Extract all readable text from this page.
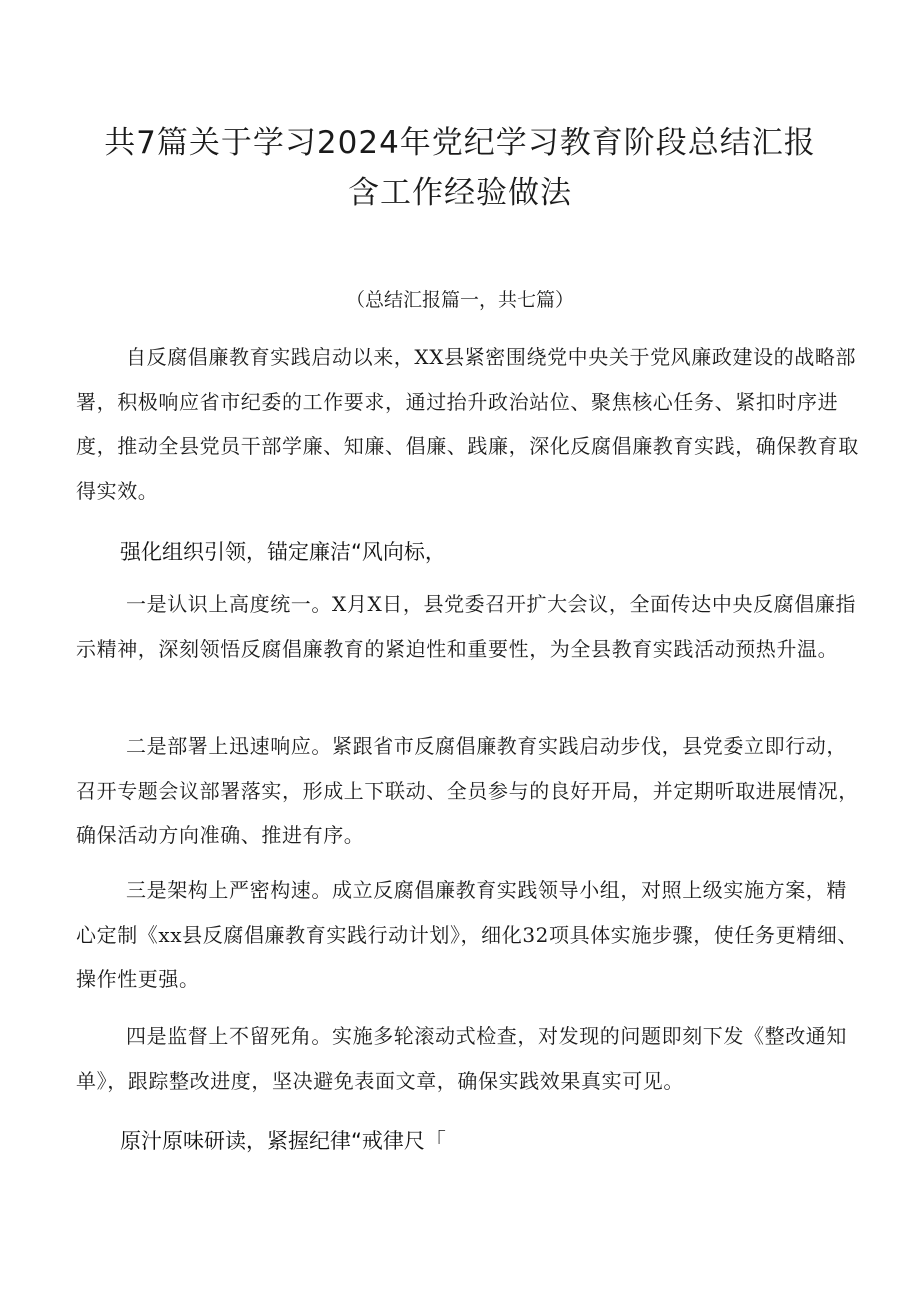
共7篇关于学习2024年党纪学习教育阶段总结汇报
含工作经验做法
（总结汇报篇一，共七篇）

自反腐倡廉教育实践启动以来，XX县紧密围绕党中央关于党风廉政建设的战略部署，积极响应省市纪委的工作要求，通过抬升政治站位、聚焦核心任务、紧扣时序进度，推动全县党员干部学廉、知廉、倡廉、践廉，深化反腐倡廉教育实践，确保教育取得实效。

强化组织引领，锚定廉洁“风向标，

一是认识上高度统一。X月X日，县党委召开扩大会议，全面传达中央反腐倡廉指示精神，深刻领悟反腐倡廉教育的紧迫性和重要性，为全县教育实践活动预热升温。

二是部署上迅速响应。紧跟省市反腐倡廉教育实践启动步伐，县党委立即行动，召开专题会议部署落实，形成上下联动、全员参与的良好开局，并定期听取进展情况，确保活动方向准确、推进有序。

三是架构上严密构速。成立反腐倡廉教育实践领导小组，对照上级实施方案，精心定制《xx县反腐倡廉教育实践行动计划》，细化32项具体实施步骤，使任务更精细、操作性更强。

四是监督上不留死角。实施多轮滚动式检查，对发现的问题即刻下发《整改通知单》，跟踪整改进度，坚决避免表面文章，确保实践效果真实可见。

原汁原味研读，紧握纪律“戒律尺「
